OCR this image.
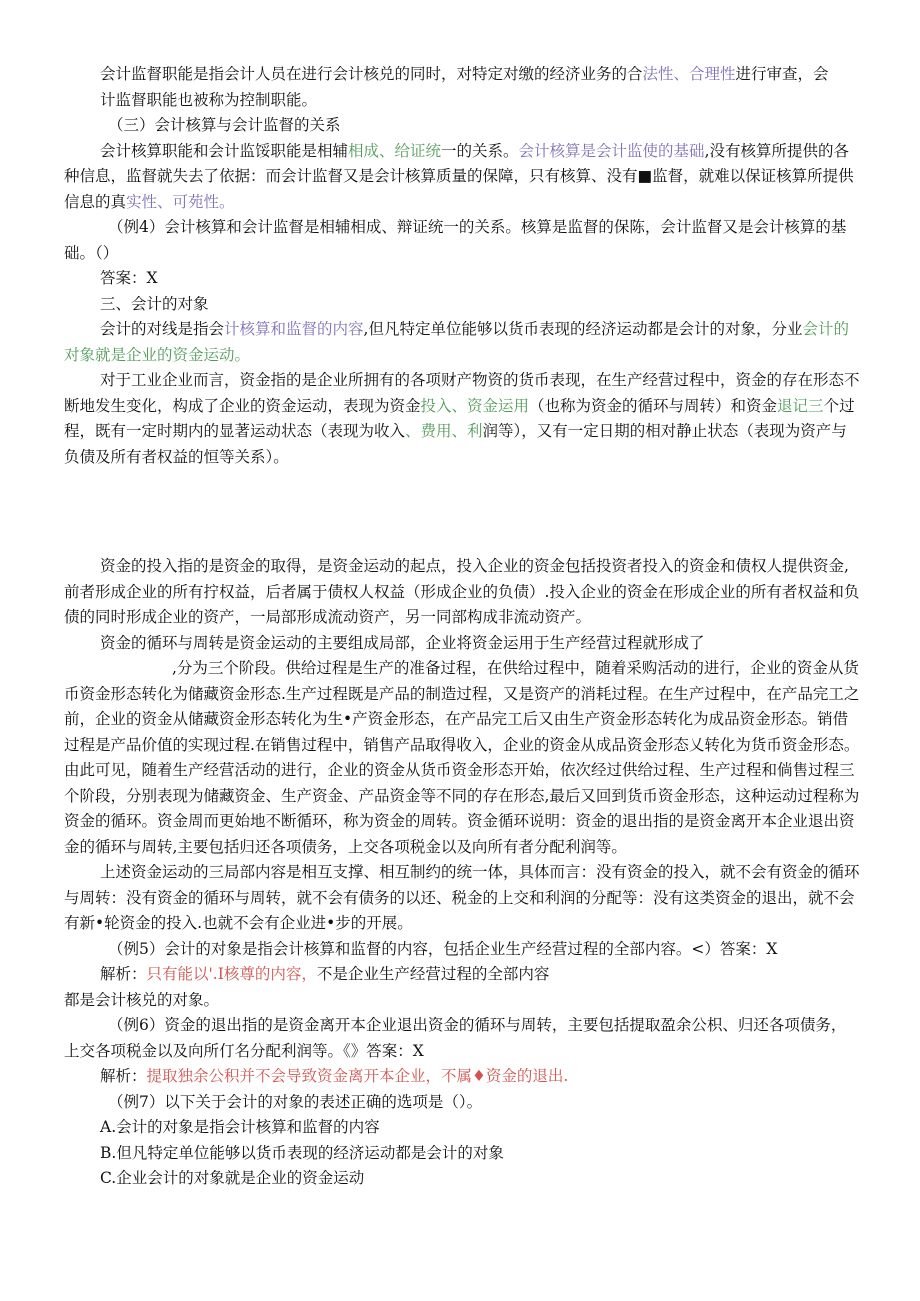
会计监督职能是指会计人员在进行会计核兑的同时，对特定对缴的经济业务的合法性、合理性进行审查，会

计监督职能也被称为控制职能。

（三）会计核算与会计监督的关系

会计核算职能和会计监馁职能是相辅相成、给证统一的关系。会计核算是会计监使的基础,没有核算所提供的各种信息，监督就失去了依据：而会计监督又是会计核算质量的保障，只有核算、没有■监督，就难以保证核算所提供信息的真实性、可苑性。

（例4）会计核算和会计监督是相辅相成、辩证统一的关系。核算是监督的保陈，会计监督又是会计核算的基础。（）

答案：X

三、会计的对象

会计的对线是指会计核算和监督的内容,但凡特定单位能够以货币表现的经济运动都是会计的对象，分业会计的对象就是企业的资金运动。

对于工业企业而言，资金指的是企业所拥有的各项财产物资的货币表现，在生产经营过程中，资金的存在形态不断地发生变化，构成了企业的资金运动，表现为资金投入、资金运用（也称为资金的循环与周转）和资金退记三个过程，既有一定时期内的显著运动状态（表现为收入、费用、利润等），又有一定日期的相对静止状态（表现为资产与负债及所有者权益的恒等关系）。

资金的投入指的是资金的取得，是资金运动的起点，投入企业的资金包括投资者投入的资金和债权人提供资金,前者形成企业的所有拧权益，后者属于债权人权益（形成企业的负债）.投入企业的资金在形成企业的所有者权益和负债的同时形成企业的资产，一局部形成流动资产，另一同部构成非流动资产。

资金的循环与周转是资金运动的主要组成局部，企业将资金运用于生产经营过程就形成了
,分为三个阶段。供给过程是生产的准备过程，在供给过程中，随着采购活动的进行，企业的资金从货币资金形态转化为储藏资金形态.生产过程既是产品的制造过程，又是资产的消耗过程。在生产过程中，在产品完工之前，企业的资金从储藏资金形态转化为生•产资金形态，在产品完工后又由生产资金形态转化为成品资金形态。销借过程是产品价值的实现过程.在销售过程中，销售产品取得收入，企业的资金从成品资金形态乂转化为货币资金形态。由此可见，随着生产经营活动的进行，企业的资金从货币资金形态开始，依次经过供给过程、生产过程和倘售过程三个阶段，分别表现为储藏资金、生产资金、产品资金等不同的存在形态,最后又回到货币资金形态，这种运动过程称为资金的循环。资金周而更始地不断循环，称为资金的周转。资金循环说明：资金的退出指的是资金离开本企业退出资金的循环与周转,主要包括归还各项债务，上交各项税金以及向所有者分配利润等。

上述资金运动的三局部内容是相互支撑、相互制约的统一体，具体而言：没有资金的投入，就不会有资金的循环与周转：没有资金的循环与周转，就不会有债务的以还、税金的上交和利润的分配等：没有这类资金的退出，就不会有新•轮资金的投入.也就不会有企业进•步的开展。

（例5）会计的对象是指会计核算和监督的内容，包括企业生产经营过程的全部内容。<）答案：X

解析：只有能以'.I核尊的内容，不是企业生产经营过程的全部内容

都是会计核兑的对象。

（例6）资金的退出指的是资金离开本企业退出资金的循环与周转，主要包括提取盈余公枳、归还各项债务，上交各项税金以及向所仃名分配利润等。《》答案：X

解析：提取独余公积并不会导致资金离开本企业，不属♦资金的退出.

（例7）以下关于会计的对象的表述正确的选项是（）。

A.会计的对象是指会计核算和监督的内容

B.但凡特定单位能够以货币表现的经济运动都是会计的对象

C.企业会计的对象就是企业的资金运动
